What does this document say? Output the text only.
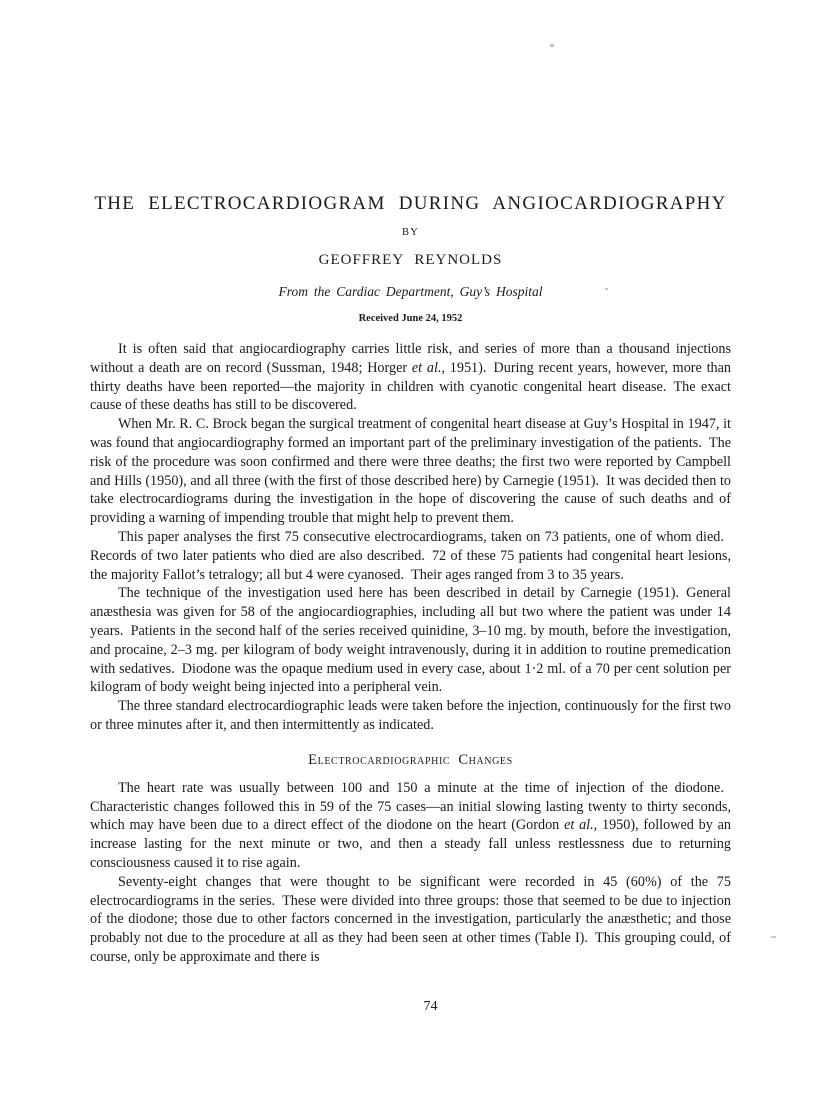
THE ELECTROCARDIOGRAM DURING ANGIOCARDIOGRAPHY
BY
GEOFFREY REYNOLDS
From the Cardiac Department, Guy’s Hospital
Received June 24, 1952

It is often said that angiocardiography carries little risk, and series of more than a thousand injections without a death are on record (Sussman, 1948; Horger et al., 1951). During recent years, however, more than thirty deaths have been reported—the majority in children with cyanotic congenital heart disease. The exact cause of these deaths has still to be discovered.

When Mr. R. C. Brock began the surgical treatment of congenital heart disease at Guy’s Hospital in 1947, it was found that angiocardiography formed an important part of the preliminary investigation of the patients. The risk of the procedure was soon confirmed and there were three deaths; the first two were reported by Campbell and Hills (1950), and all three (with the first of those described here) by Carnegie (1951). It was decided then to take electrocardiograms during the investigation in the hope of discovering the cause of such deaths and of providing a warning of impending trouble that might help to prevent them.

This paper analyses the first 75 consecutive electrocardiograms, taken on 73 patients, one of whom died. Records of two later patients who died are also described. 72 of these 75 patients had congenital heart lesions, the majority Fallot’s tetralogy; all but 4 were cyanosed. Their ages ranged from 3 to 35 years.

The technique of the investigation used here has been described in detail by Carnegie (1951). General anæsthesia was given for 58 of the angiocardiographies, including all but two where the patient was under 14 years. Patients in the second half of the series received quinidine, 3–10 mg. by mouth, before the investigation, and procaine, 2–3 mg. per kilogram of body weight intravenously, during it in addition to routine premedication with sedatives. Diodone was the opaque medium used in every case, about 1·2 ml. of a 70 per cent solution per kilogram of body weight being injected into a peripheral vein.

The three standard electrocardiographic leads were taken before the injection, continuously for the first two or three minutes after it, and then intermittently as indicated.

Electrocardiographic Changes

The heart rate was usually between 100 and 150 a minute at the time of injection of the diodone. Characteristic changes followed this in 59 of the 75 cases—an initial slowing lasting twenty to thirty seconds, which may have been due to a direct effect of the diodone on the heart (Gordon et al., 1950), followed by an increase lasting for the next minute or two, and then a steady fall unless restlessness due to returning consciousness caused it to rise again.

Seventy-eight changes that were thought to be significant were recorded in 45 (60%) of the 75 electrocardiograms in the series. These were divided into three groups: those that seemed to be due to injection of the diodone; those due to other factors concerned in the investigation, particularly the anæsthetic; and those probably not due to the procedure at all as they had been seen at other times (Table I). This grouping could, of course, only be approximate and there is

74
